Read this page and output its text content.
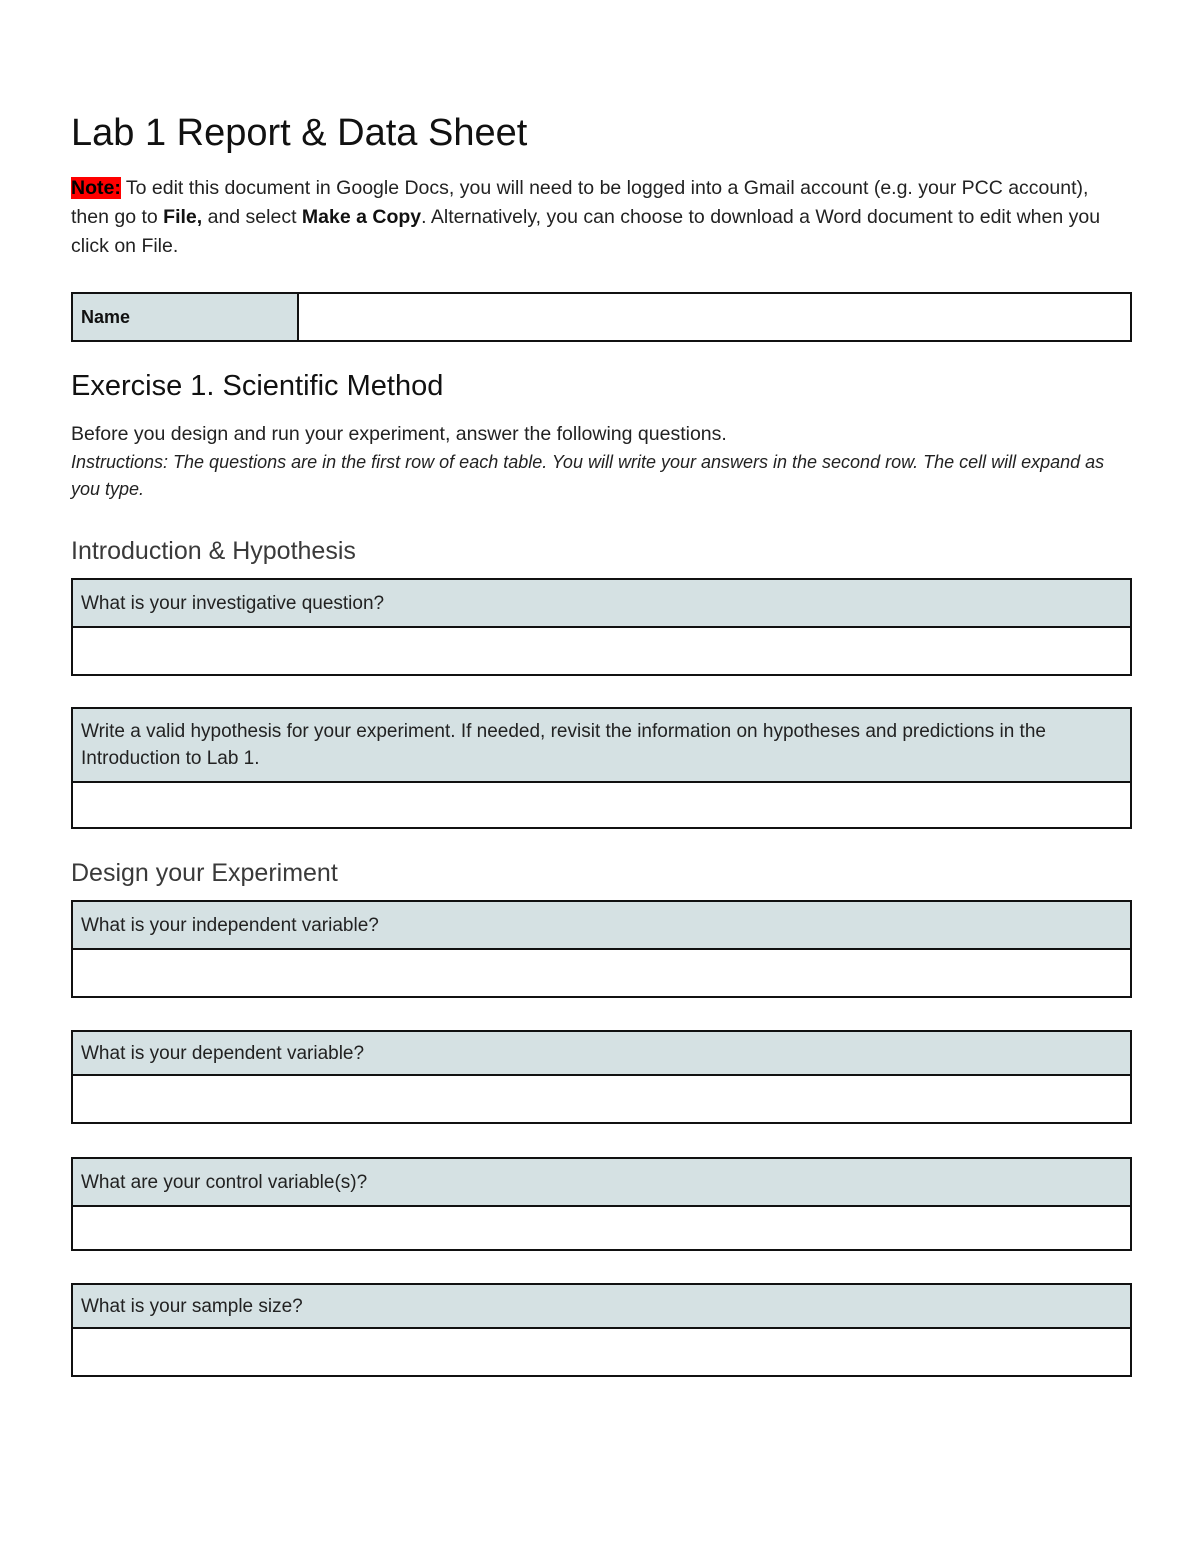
Lab 1 Report & Data Sheet

Note: To edit this document in Google Docs, you will need to be logged into a Gmail account (e.g. your PCC account), then go to File, and select Make a Copy. Alternatively, you can choose to download a Word document to edit when you click on File.

Name	
Exercise 1. Scientific Method

Before you design and run your experiment, answer the following questions.

Instructions: The questions are in the first row of each table. You will write your answers in the second row. The cell will expand as you type.

Introduction & Hypothesis
What is your investigative question?

Write a valid hypothesis for your experiment. If needed, revisit the information on hypotheses and predictions in the Introduction to Lab 1.

Design your Experiment
What is your independent variable?

What is your dependent variable?

What are your control variable(s)?

What is your sample size?
